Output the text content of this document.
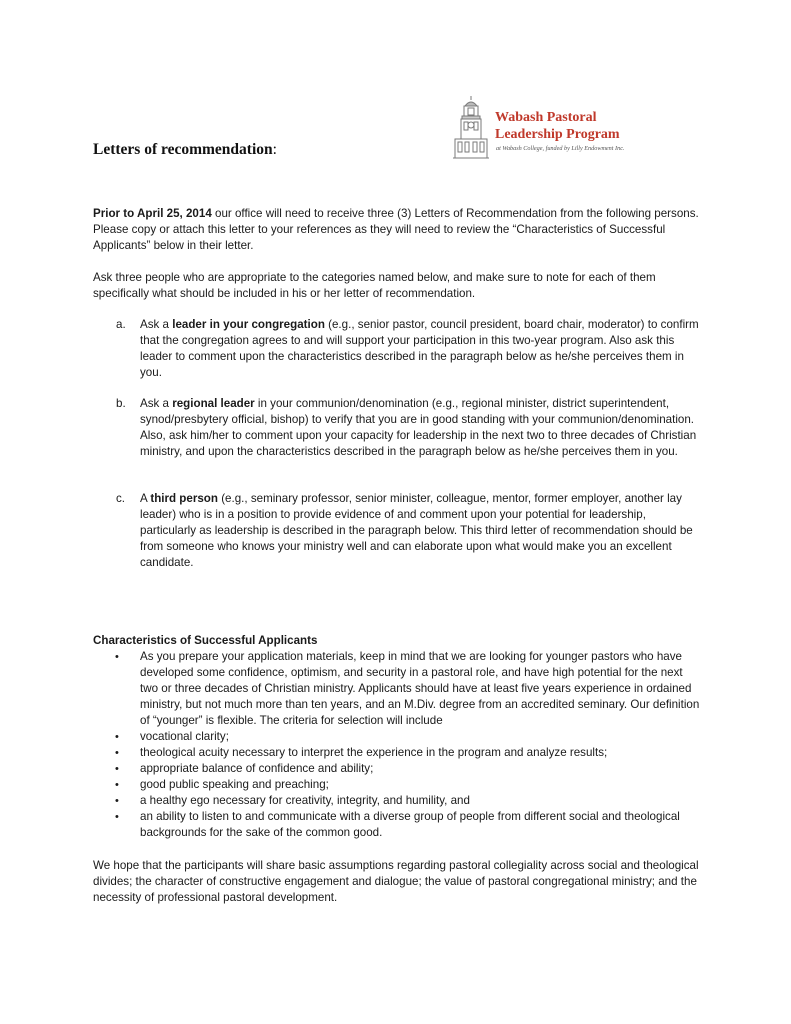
Letters of recommendation:
Wabash Pastoral
Leadership Program
at Wabash College, funded by Lilly Endowment Inc.

Prior to April 25, 2014 our office will need to receive three (3) Letters of Recommendation from the following persons. Please copy or attach this letter to your references as they will need to review the “Characteristics of Successful Applicants” below in their letter.

Ask three people who are appropriate to the categories named below, and make sure to note for each of them specifically what should be included in his or her letter of recommendation.

a. Ask a leader in your congregation (e.g., senior pastor, council president, board chair, moderator) to confirm that the congregation agrees to and will support your participation in this two-year program. Also ask this leader to comment upon the characteristics described in the paragraph below as he/she perceives them in you.
b. Ask a regional leader in your communion/denomination (e.g., regional minister, district superintendent, synod/presbytery official, bishop) to verify that you are in good standing with your communion/denomination. Also, ask him/her to comment upon your capacity for leadership in the next two to three decades of Christian ministry, and upon the characteristics described in the paragraph below as he/she perceives them in you.
c. A third person (e.g., seminary professor, senior minister, colleague, mentor, former employer, another lay leader) who is in a position to provide evidence of and comment upon your potential for leadership, particularly as leadership is described in the paragraph below. This third letter of recommendation should be from someone who knows your ministry well and can elaborate upon what would make you an excellent candidate.

Characteristics of Successful Applicants

• As you prepare your application materials, keep in mind that we are looking for younger pastors who have developed some confidence, optimism, and security in a pastoral role, and have high potential for the next two or three decades of Christian ministry. Applicants should have at least five years experience in ordained ministry, but not much more than ten years, and an M.Div. degree from an accredited seminary. Our definition of “younger” is flexible. The criteria for selection will include
• vocational clarity;
• theological acuity necessary to interpret the experience in the program and analyze results;
• appropriate balance of confidence and ability;
• good public speaking and preaching;
• a healthy ego necessary for creativity, integrity, and humility, and
• an ability to listen to and communicate with a diverse group of people from different social and theological backgrounds for the sake of the common good.

We hope that the participants will share basic assumptions regarding pastoral collegiality across social and theological divides; the character of constructive engagement and dialogue; the value of pastoral congregational ministry; and the necessity of professional pastoral development.
